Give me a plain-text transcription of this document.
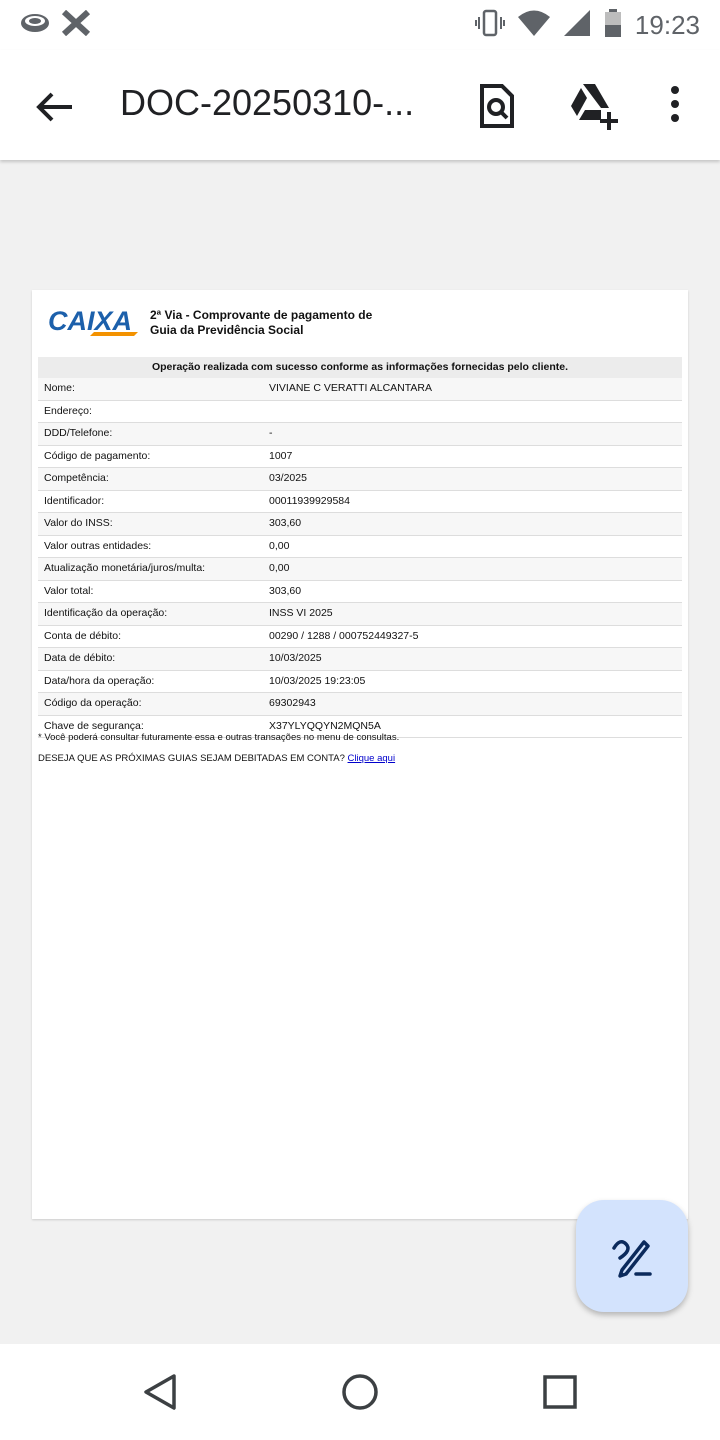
19:23
DOC-20250310-...
CAIXA 2ª Via - Comprovante de pagamento de
Guia da Previdência Social
Operação realizada com sucesso conforme as informações fornecidas pelo cliente.
Nome:	VIVIANE C VERATTI ALCANTARA
Endereço:
DDD/Telefone:	-
Código de pagamento:	1007
Competência:	03/2025
Identificador:	00011939929584
Valor do INSS:	303,60
Valor outras entidades:	0,00
Atualização monetária/juros/multa:	0,00
Valor total:	303,60
Identificação da operação:	INSS VI 2025
Conta de débito:	00290 / 1288 / 000752449327-5
Data de débito:	10/03/2025
Data/hora da operação:	10/03/2025 19:23:05
Código da operação:	69302943
Chave de segurança:	X37YLYQQYN2MQN5A
* Você poderá consultar futuramente essa e outras transações no menu de consultas.
DESEJA QUE AS PRÓXIMAS GUIAS SEJAM DEBITADAS EM CONTA? Clique aqui
